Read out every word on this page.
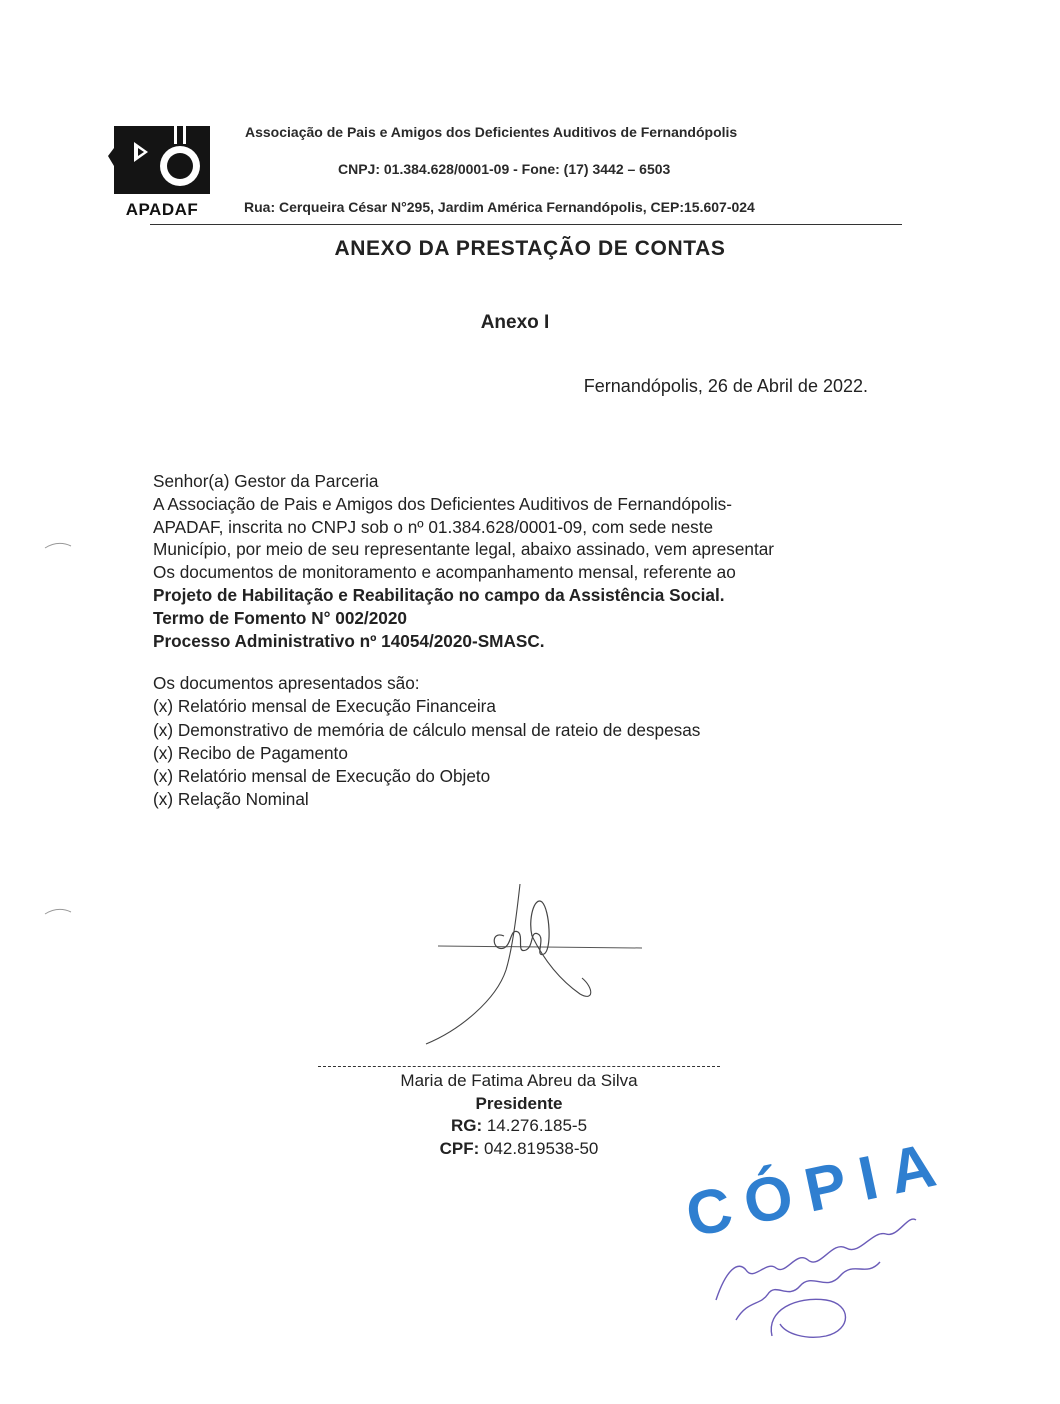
APADAF
Associação de Pais e Amigos dos Deficientes Auditivos de Fernandópolis
CNPJ: 01.384.628/0001-09 - Fone: (17) 3442 – 6503
Rua: Cerqueira César N°295, Jardim América Fernandópolis, CEP:15.607-024
ANEXO DA PRESTAÇÃO DE CONTAS
Anexo I
Fernandópolis, 26 de Abril de 2022.
Senhor(a) Gestor da Parceria
A Associação de Pais e Amigos dos Deficientes Auditivos de Fernandópolis-
APADAF, inscrita no CNPJ sob o nº 01.384.628/0001-09, com sede neste
Município, por meio de seu representante legal, abaixo assinado, vem apresentar
Os documentos de monitoramento e acompanhamento mensal, referente ao
Projeto de Habilitação e Reabilitação no campo da Assistência Social.
Termo de Fomento N° 002/2020
Processo Administrativo nº 14054/2020-SMASC.
Os documentos apresentados são:
(x) Relatório mensal de Execução Financeira
(x) Demonstrativo de memória de cálculo mensal de rateio de despesas
(x) Recibo de Pagamento
(x) Relatório mensal de Execução do Objeto
(x) Relação Nominal
Maria de Fatima Abreu da Silva
Presidente
RG: 14.276.185-5
CPF: 042.819538-50	CÓPIA
